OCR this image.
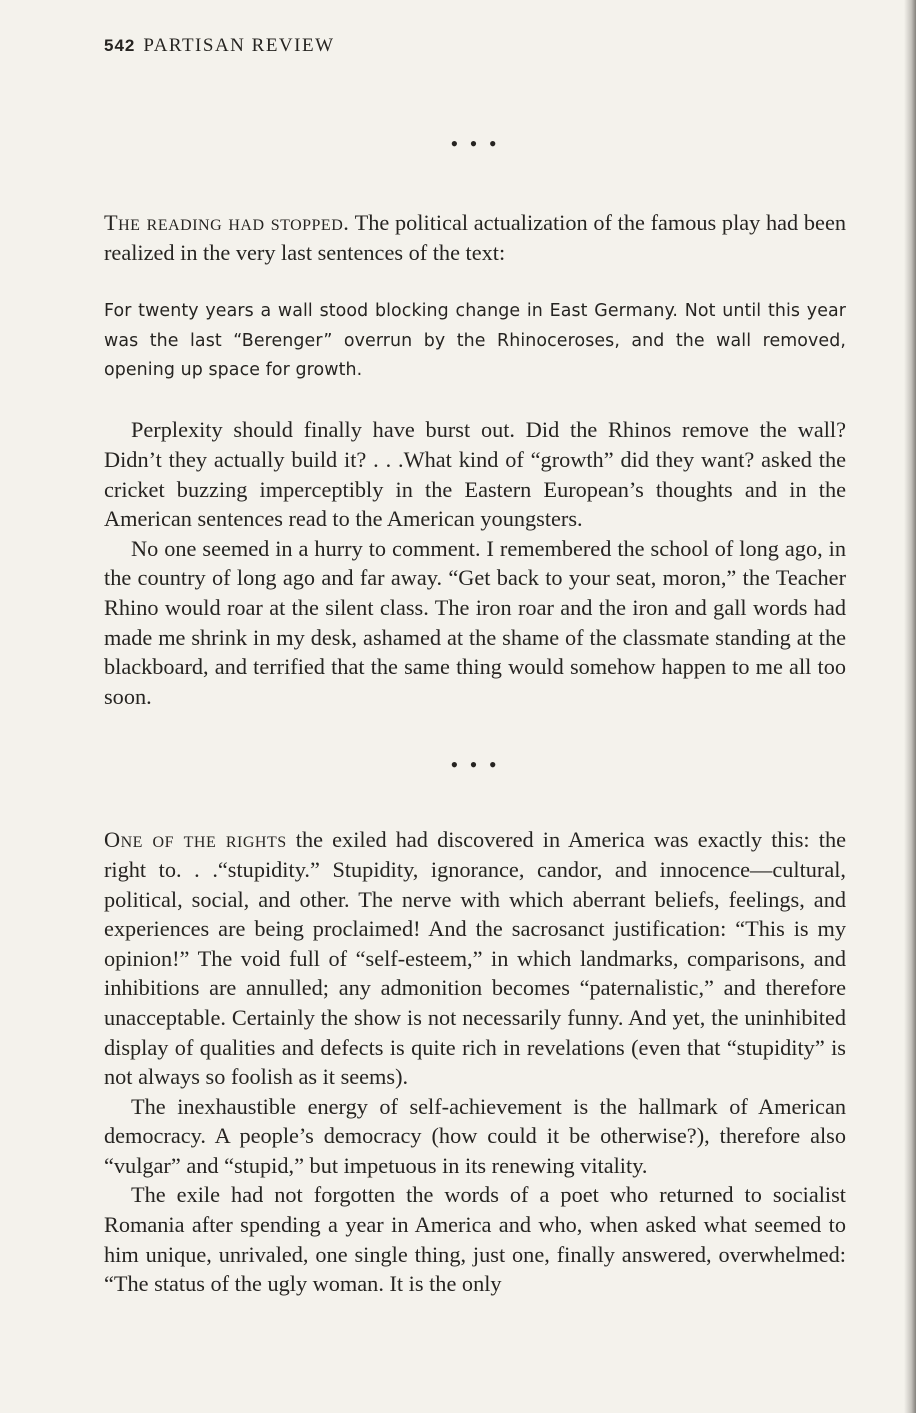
542 PARTISAN REVIEW
• • •

The reading had stopped. The political actualization of the famous play had been realized in the very last sentences of the text:

For twenty years a wall stood blocking change in East Germany. Not until this year was the last “Berenger” overrun by the Rhinoceroses, and the wall removed, opening up space for growth.

Perplexity should finally have burst out. Did the Rhinos remove the wall? Didn’t they actually build it? . . .What kind of “growth” did they want? asked the cricket buzzing imperceptibly in the Eastern European’s thoughts and in the American sentences read to the American youngsters.

No one seemed in a hurry to comment. I remembered the school of long ago, in the country of long ago and far away. “Get back to your seat, moron,” the Teacher Rhino would roar at the silent class. The iron roar and the iron and gall words had made me shrink in my desk, ashamed at the shame of the classmate standing at the blackboard, and terrified that the same thing would somehow happen to me all too soon.

• • •

One of the rights the exiled had discovered in America was exactly this: the right to. . .“stupidity.” Stupidity, ignorance, candor, and innocence—cultural, political, social, and other. The nerve with which aberrant beliefs, feelings, and experiences are being proclaimed! And the sacrosanct justification: “This is my opinion!” The void full of “self-esteem,” in which landmarks, comparisons, and inhibitions are annulled; any admonition becomes “paternalistic,” and therefore unacceptable. Certainly the show is not necessarily funny. And yet, the uninhibited display of qualities and defects is quite rich in revelations (even that “stupidity” is not always so foolish as it seems).

The inexhaustible energy of self-achievement is the hallmark of American democracy. A people’s democracy (how could it be otherwise?), therefore also “vulgar” and “stupid,” but impetuous in its renewing vitality.

The exile had not forgotten the words of a poet who returned to socialist Romania after spending a year in America and who, when asked what seemed to him unique, unrivaled, one single thing, just one, finally answered, overwhelmed: “The status of the ugly woman. It is the only
